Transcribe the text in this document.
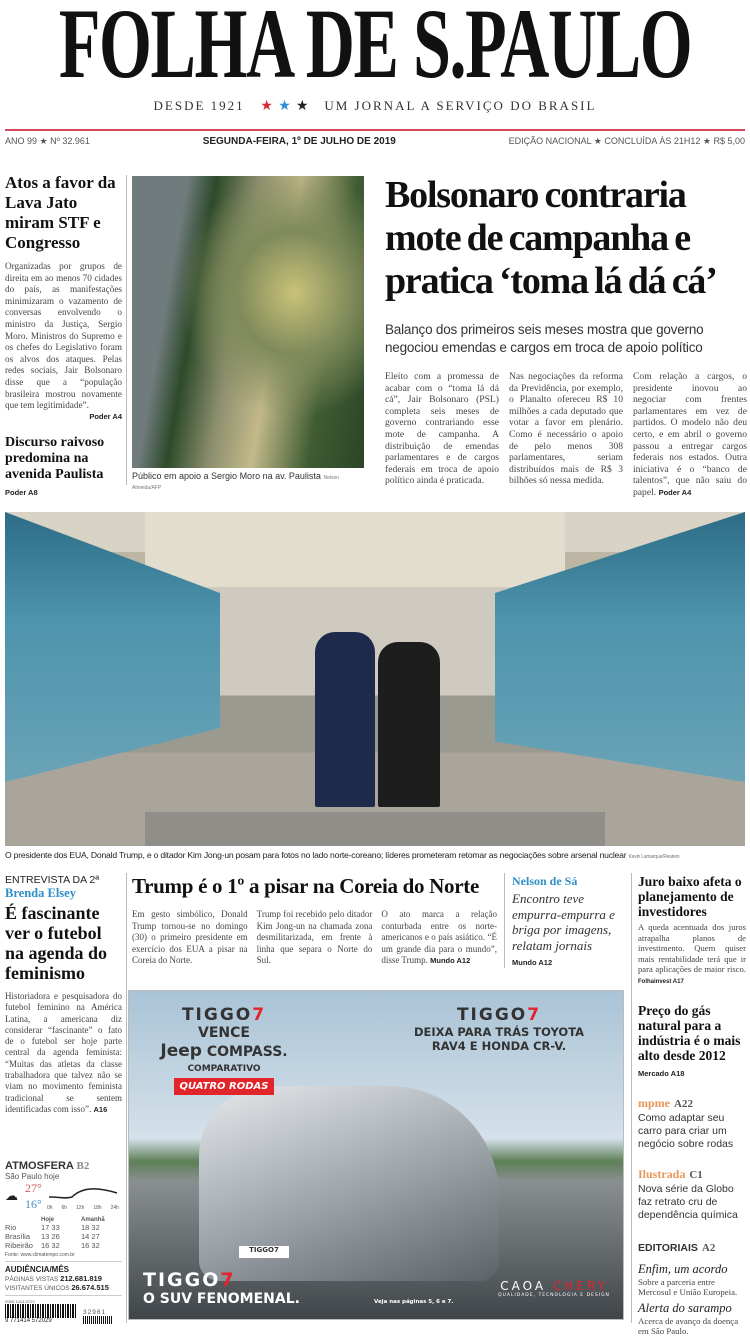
FOLHA DE S.PAULO
DESDE 1921 ★ ★ ★ UM JORNAL A SERVIÇO DO BRASIL
ANO 99 ★ Nº 32.961	SEGUNDA-FEIRA, 1º DE JULHO DE 2019	EDIÇÃO NACIONAL ★ CONCLUÍDA ÀS 21H12 ★ R$ 5,00
Atos a favor da Lava Jato miram STF e Congresso
Organizadas por grupos de direita em ao menos 70 cidades do país, as manifestações minimizaram o vazamento de conversas envolvendo o ministro da Justiça, Sergio Moro. Ministros do Supremo e os chefes do Legislativo foram os alvos dos ataques. Pelas redes sociais, Jair Bolsonaro disse que a “população brasileira mostrou novamente que tem legitimidade”.
Poder A4
Discurso raivoso predomina na avenida Paulista
Poder A8
Público em apoio a Sergio Moro na av. Paulista Nelson Almeida/AFP
Bolsonaro contraria mote de campanha e pratica ‘toma lá dá cá’
Balanço dos primeiros seis meses mostra que governo negociou emendas e cargos em troca de apoio político
Eleito com a promessa de acabar com o “toma lá dá cá”, Jair Bolsonaro (PSL) completa seis meses de governo contrariando esse mote de campanha. A distribuição de emendas parlamentares e de cargos federais em troca de apoio político ainda é praticada.
Nas negociações da reforma da Previdência, por exemplo, o Planalto ofereceu R$ 10 milhões a cada deputado que votar a favor em plenário. Como é necessário o apoio de pelo menos 308 parlamentares, seriam distribuídos mais de R$ 3 bilhões só nessa medida.
Com relação a cargos, o presidente inovou ao negociar com frentes parlamentares em vez de partidos. O modelo não deu certo, e em abril o governo passou a entregar cargos federais nos estados. Outra iniciativa é o “banco de talentos”, que não saiu do papel. Poder A4
O presidente dos EUA, Donald Trump, e o ditador Kim Jong-un posam para fotos no lado norte-coreano; líderes prometeram retomar as negociações sobre arsenal nuclear Kevin Lamarque/Reuters
ENTREVISTA DA 2ª
Brenda Elsey
É fascinante ver o futebol na agenda do feminismo
Historiadora e pesquisadora do futebol feminino na América Latina, a americana diz considerar “fascinante” o fato de o futebol ser hoje parte central da agenda feminista: “Muitas das atletas da classe trabalhadora que talvez não se viam no movimento feminista tradicional se sentem identificadas com isso”. A16
ATMOSFERA B2
São Paulo hoje
☁ 27°
16° 0h 6h 12h 18h 24h
	Hoje	Amanhã
Rio	17 33	18 32
Brasília	13 26	14 27
Ribeirão	16 32	16 32
Fonte: www.climatempo.com.br
AUDIÊNCIA/MÊS
PÁGINAS VISTAS 212.681.819
VISITANTES ÚNICOS 26.674.515
ISSN 1414-5723
9 771414 572029
32961
Trump é o 1º a pisar na Coreia do Norte
Em gesto simbólico, Donald Trump tornou-se no domingo (30) o primeiro presidente em exercício dos EUA a pisar na Coreia do Norte.
Trump foi recebido pelo ditador Kim Jong-un na chamada zona desmilitarizada, em frente à linha que separa o Norte do Sul.
O ato marca a relação conturbada entre os norte-americanos e o país asiático. “É um grande dia para o mundo”, disse Trump. Mundo A12
Nelson de Sá
Encontro teve empurra-empurra e briga por imagens, relatam jornais
Mundo A12
Juro baixo afeta o planejamento de investidores
A queda acentuada dos juros atrapalha planos de investimento. Quem quiser mais rentabilidade terá que ir para aplicações de maior risco. Folhainvest A17
Preço do gás natural para a indústria é o mais alto desde 2012
Mercado A18
mpme A22
Como adaptar seu carro para criar um negócio sobre rodas
Ilustrada C1
Nova série da Globo faz retrato cru de dependência química
EDITORIAIS A2
Enfim, um acordo
Sobre a parceria entre Mercosul e União Europeia.
Alerta do sarampo
Acerca de avanço da doença em São Paulo.
TIGGO7
TIGGO7
VENCE
Jeep COMPASS.
COMPARATIVO
QUATRO RODAS
TIGGO7
DEIXA PARA TRÁS TOYOTA
RAV4 E HONDA CR-V.
TIGGO7
O SUV FENOMENAL.	Veja nas páginas 5, 6 e 7.
CAOA CHERY
QUALIDADE, TECNOLOGIA E DESIGN
